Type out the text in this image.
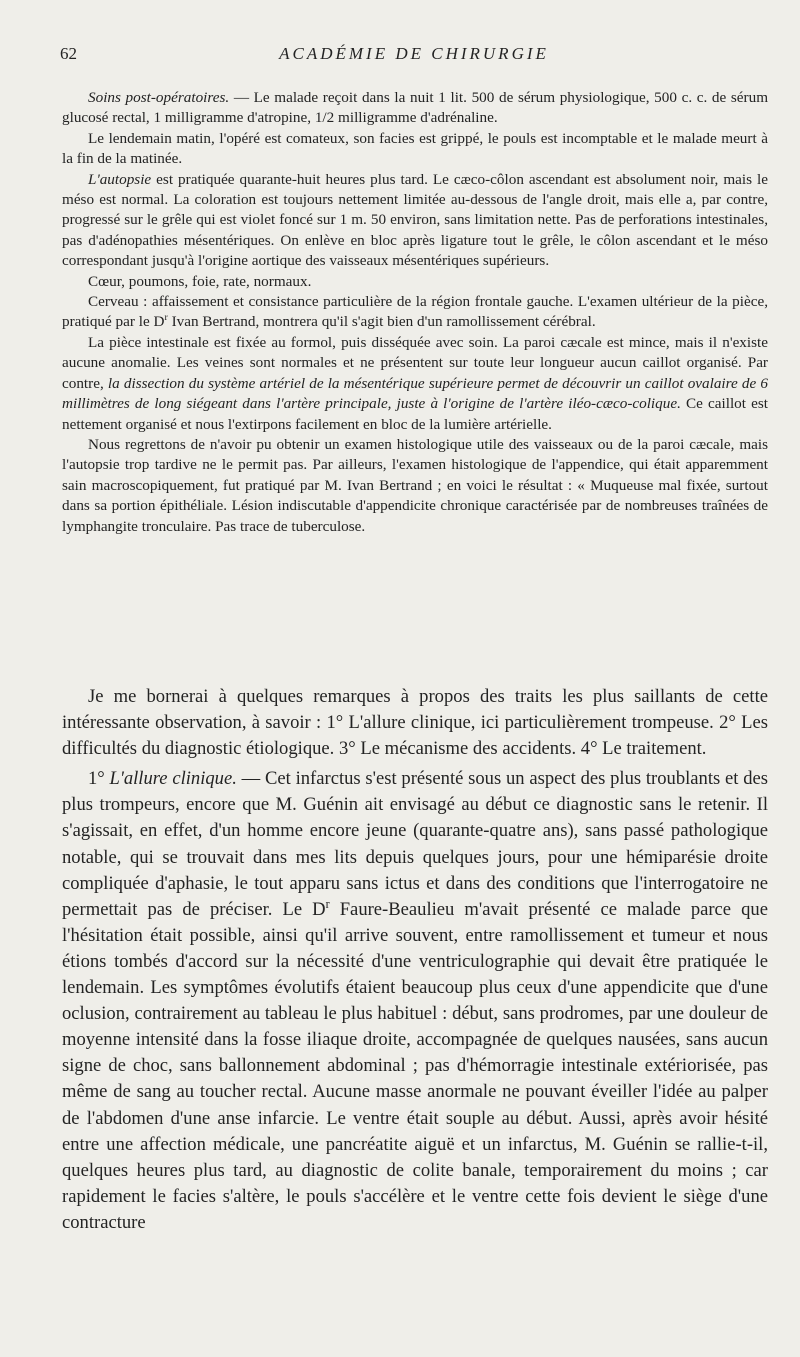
62	ACADÉMIE DE CHIRURGIE

Soins post-opératoires. — Le malade reçoit dans la nuit 1 lit. 500 de sérum physiologique, 500 c. c. de sérum glucosé rectal, 1 milligramme d'atropine, 1/2 milligramme d'adrénaline.

Le lendemain matin, l'opéré est comateux, son facies est grippé, le pouls est incomptable et le malade meurt à la fin de la matinée.

L'autopsie est pratiquée quarante-huit heures plus tard. Le cæco-côlon ascendant est absolument noir, mais le méso est normal. La coloration est toujours nettement limitée au-dessous de l'angle droit, mais elle a, par contre, progressé sur le grêle qui est violet foncé sur 1 m. 50 environ, sans limitation nette. Pas de perforations intestinales, pas d'adénopathies mésentériques. On enlève en bloc après ligature tout le grêle, le côlon ascendant et le méso correspondant jusqu'à l'origine aortique des vaisseaux mésentériques supérieurs.

Cœur, poumons, foie, rate, normaux.

Cerveau : affaissement et consistance particulière de la région frontale gauche. L'examen ultérieur de la pièce, pratiqué par le $D^r$ Ivan Bertrand, montrera qu'il s'agit bien d'un ramollissement cérébral.

La pièce intestinale est fixée au formol, puis disséquée avec soin. La paroi cæcale est mince, mais il n'existe aucune anomalie. Les veines sont normales et ne présentent sur toute leur longueur aucun caillot organisé. Par contre, la dissection du système artériel de la mésentérique supérieure permet de découvrir un caillot ovalaire de 6 millimètres de long siégeant dans l'artère principale, juste à l'origine de l'artère iléo-cæco-colique. Ce caillot est nettement organisé et nous l'extirpons facilement en bloc de la lumière artérielle.

Nous regrettons de n'avoir pu obtenir un examen histologique utile des vaisseaux ou de la paroi cæcale, mais l'autopsie trop tardive ne le permit pas. Par ailleurs, l'examen histologique de l'appendice, qui était apparemment sain macroscopiquement, fut pratiqué par M. Ivan Bertrand ; en voici le résultat : « Muqueuse mal fixée, surtout dans sa portion épithéliale. Lésion indiscutable d'appendicite chronique caractérisée par de nombreuses traînées de lymphangite tronculaire. Pas trace de tuberculose.

Je me bornerai à quelques remarques à propos des traits les plus saillants de cette intéressante observation, à savoir : 1° L'allure clinique, ici particulièrement trompeuse. 2° Les difficultés du diagnostic étiologique. 3° Le mécanisme des accidents. 4° Le traitement.

1° L'allure clinique. — Cet infarctus s'est présenté sous un aspect des plus troublants et des plus trompeurs, encore que M. Guénin ait envisagé au début ce diagnostic sans le retenir. Il s'agissait, en effet, d'un homme encore jeune (quarante-quatre ans), sans passé pathologique notable, qui se trouvait dans mes lits depuis quelques jours, pour une hémiparésie droite compliquée d'aphasie, le tout apparu sans ictus et dans des conditions que l'interrogatoire ne permettait pas de préciser. Le $D^r$ Faure-Beaulieu m'avait présenté ce malade parce que l'hésitation était possible, ainsi qu'il arrive souvent, entre ramollissement et tumeur et nous étions tombés d'accord sur la nécessité d'une ventriculographie qui devait être pratiquée le lendemain. Les symptômes évolutifs étaient beaucoup plus ceux d'une appendicite que d'une oclusion, contrairement au tableau le plus habituel : début, sans prodromes, par une douleur de moyenne intensité dans la fosse iliaque droite, accompagnée de quelques nausées, sans aucun signe de choc, sans ballonnement abdominal ; pas d'hémorragie intestinale extériorisée, pas même de sang au toucher rectal. Aucune masse anormale ne pouvant éveiller l'idée au palper de l'abdomen d'une anse infarcie. Le ventre était souple au début. Aussi, après avoir hésité entre une affection médicale, une pancréatite aiguë et un infarctus, M. Guénin se rallie-t-il, quelques heures plus tard, au diagnostic de colite banale, temporairement du moins ; car rapidement le facies s'altère, le pouls s'accélère et le ventre cette fois devient le siège d'une contracture
